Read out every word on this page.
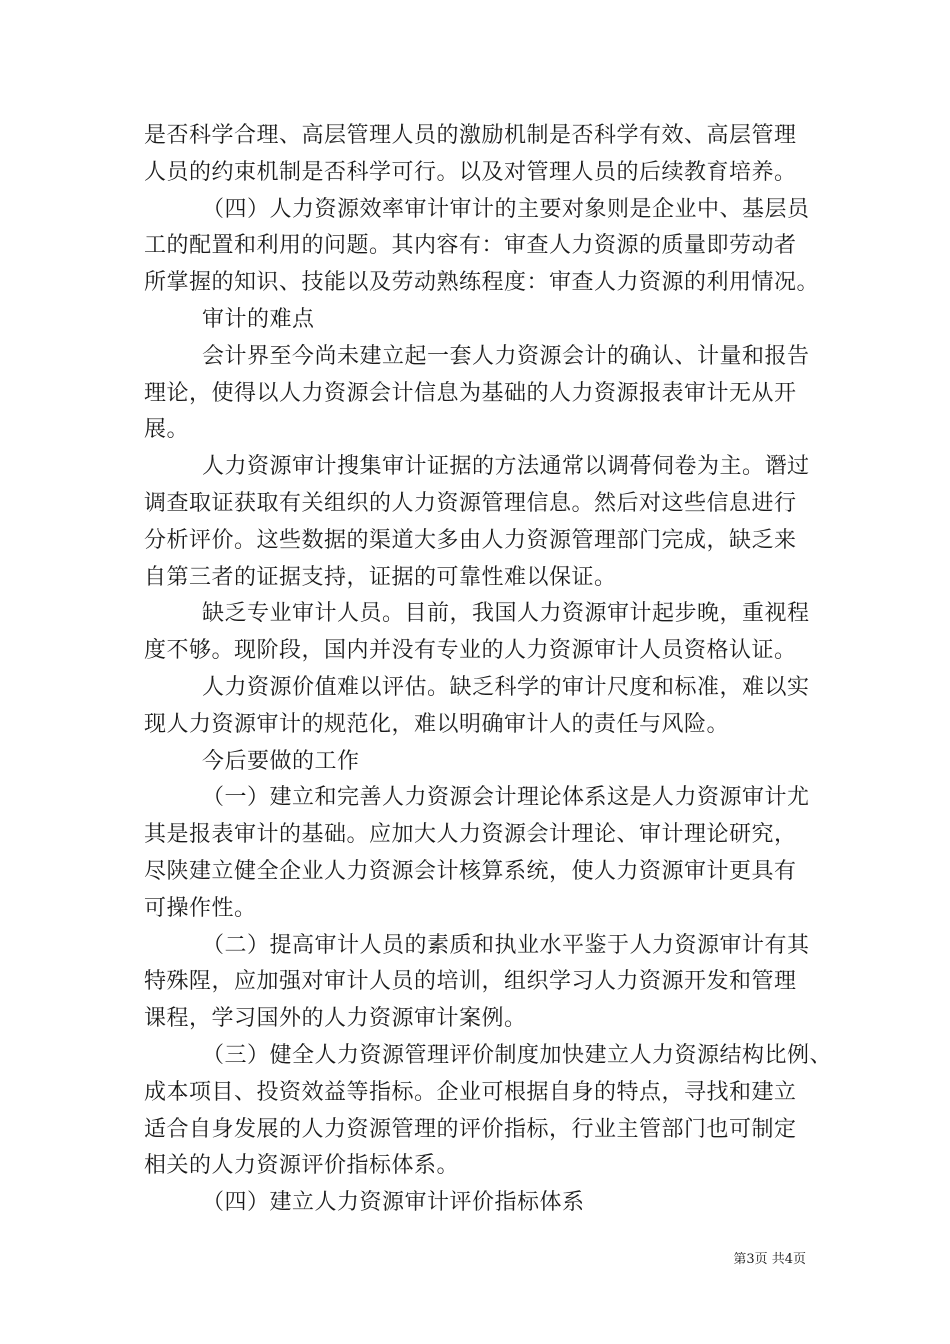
是否科学合理、高层管理人员的激励机制是否科学有效、高层管理
人员的约束机制是否科学可行。以及对管理人员的后续教育培养。
（四）人力资源效率审计审计的主要对象则是企业中、基层员
工的配置和利用的问题。其内容有：审查人力资源的质量即劳动者
所掌握的知识、技能以及劳动熟练程度：审查人力资源的利用情况。
审计的难点
会计界至今尚未建立起一套人力资源会计的确认、计量和报告
理论，使得以人力资源会计信息为基础的人力资源报表审计无从开
展。
人力资源审计搜集审计证据的方法通常以调蓇伺卷为主。谮过
调查取证获取有关组织的人力资源管理信息。然后对这些信息进行
分析评价。这些数据的渠道大多由人力资源管理部门完成，缺乏来
自第三者的证据支持，证据的可靠性难以保证。
缺乏专业审计人员。目前，我国人力资源审计起步晚，重视程
度不够。现阶段，国内并没有专业的人力资源审计人员资格认证。
人力资源价值难以评估。缺乏科学的审计尺度和标准，难以实
现人力资源审计的规范化，难以明确审计人的责任与风险。
今后要做的工作
（一）建立和完善人力资源会计理论体系这是人力资源审计尤
其是报表审计的基础。应加大人力资源会计理论、审计理论研究，
尽陕建立健全企业人力资源会计核算系统，使人力资源审计更具有
可操作性。
（二）提高审计人员的素质和执业水平鉴于人力资源审计有其
特殊陧，应加强对审计人员的培训，组织学习人力资源开发和管理
课程，学习国外的人力资源审计案例。
（三）健全人力资源管理评价制度加快建立人力资源结构比例、
成本项目、投资效益等指标。企业可根据自身的特点，寻找和建立
适合自身发展的人力资源管理的评价指标，行业主管部门也可制定
相关的人力资源评价指标体系。
（四）建立人力资源审计评价指标体系
第3页 共4页
